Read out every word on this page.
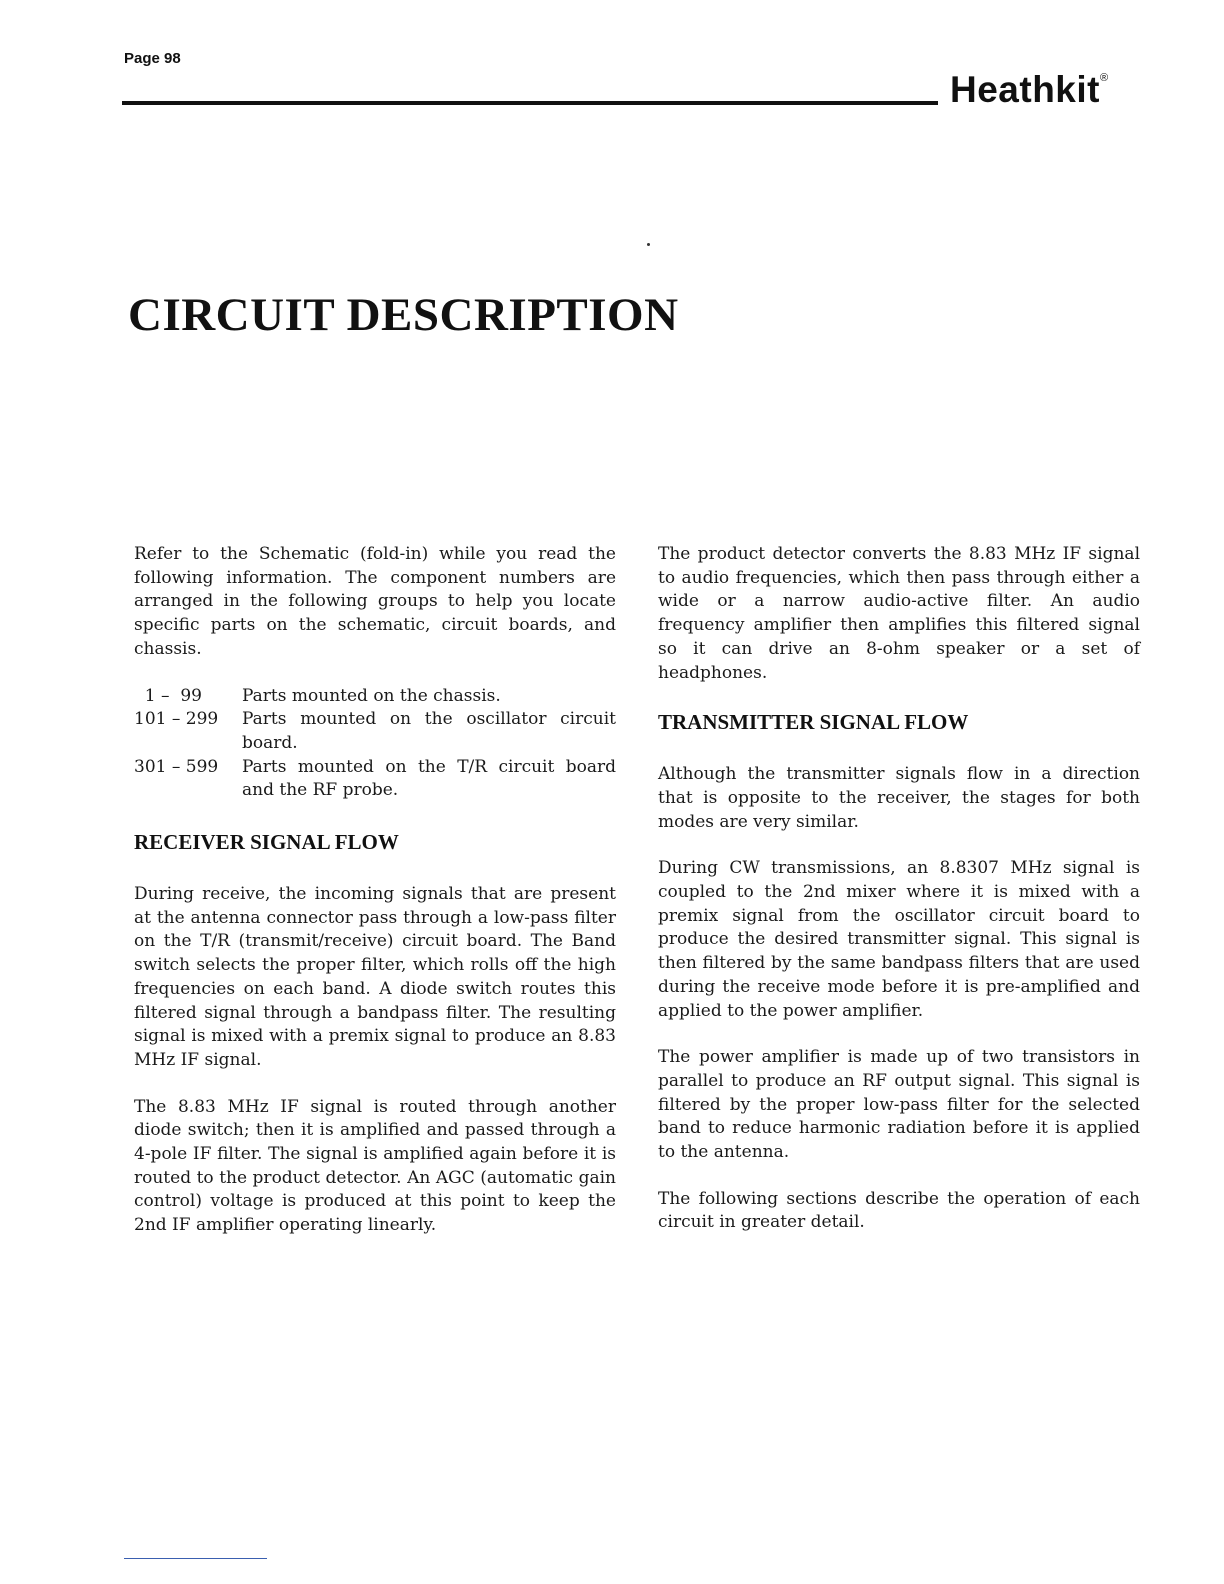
Page 98
Heathkit®
CIRCUIT DESCRIPTION

Refer to the Schematic (fold-in) while you read the following information. The component numbers are arranged in the following groups to help you locate specific parts on the schematic, circuit boards, and chassis.

1 –  99	Parts mounted on the chassis.
101 – 299	Parts mounted on the oscillator circuit board.
301 – 599	Parts mounted on the T/R circuit board and the RF probe.
RECEIVER SIGNAL FLOW

During receive, the incoming signals that are present at the antenna connector pass through a low-pass filter on the T/R (transmit/receive) circuit board. The Band switch selects the proper filter, which rolls off the high frequencies on each band. A diode switch routes this filtered signal through a bandpass filter. The resulting signal is mixed with a premix signal to produce an 8.83 MHz IF signal.

The 8.83 MHz IF signal is routed through another diode switch; then it is amplified and passed through a 4-pole IF filter. The signal is amplified again before it is routed to the product detector. An AGC (automatic gain control) voltage is produced at this point to keep the 2nd IF amplifier operating linearly.

The product detector converts the 8.83 MHz IF signal to audio frequencies, which then pass through either a wide or a narrow audio-active filter. An audio frequency amplifier then amplifies this filtered signal so it can drive an 8-ohm speaker or a set of headphones.

TRANSMITTER SIGNAL FLOW

Although the transmitter signals flow in a direction that is opposite to the receiver, the stages for both modes are very similar.

During CW transmissions, an 8.8307 MHz signal is coupled to the 2nd mixer where it is mixed with a premix signal from the oscillator circuit board to produce the desired transmitter signal. This signal is then filtered by the same bandpass filters that are used during the receive mode before it is pre-amplified and applied to the power amplifier.

The power amplifier is made up of two transistors in parallel to produce an RF output signal. This signal is filtered by the proper low-pass filter for the selected band to reduce harmonic radiation before it is applied to the antenna.

The following sections describe the operation of each circuit in greater detail.
